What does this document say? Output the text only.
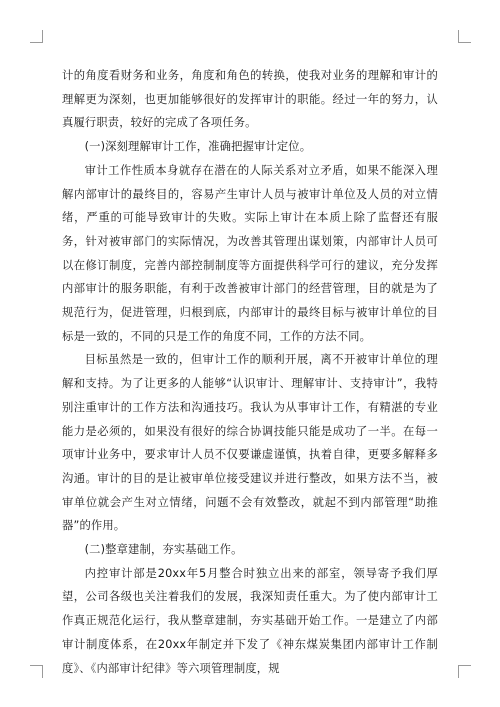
计的角度看财务和业务，角度和角色的转换，使我对业务的理解和审计的理解更为深刻，也更加能够很好的发挥审计的职能。经过一年的努力，认真履行职责，较好的完成了各项任务。

(一)深刻理解审计工作，准确把握审计定位。

审计工作性质本身就存在潜在的人际关系对立矛盾，如果不能深入理解内部审计的最终目的，容易产生审计人员与被审计单位及人员的对立情绪，严重的可能导致审计的失败。实际上审计在本质上除了监督还有服务，针对被审部门的实际情况，为改善其管理出谋划策，内部审计人员可以在修订制度，完善内部控制制度等方面提供科学可行的建议，充分发挥内部审计的服务职能，有利于改善被审计部门的经营管理，目的就是为了规范行为，促进管理，归根到底，内部审计的最终目标与被审计单位的目标是一致的，不同的只是工作的角度不同，工作的方法不同。

目标虽然是一致的，但审计工作的顺利开展，离不开被审计单位的理解和支持。为了让更多的人能够“认识审计、理解审计、支持审计”，我特别注重审计的工作方法和沟通技巧。我认为从事审计工作，有精湛的专业能力是必须的，如果没有很好的综合协调技能只能是成功了一半。在每一项审计业务中，要求审计人员不仅要谦虚谨慎，执着自律，更要多解释多沟通。审计的目的是让被审单位接受建议并进行整改，如果方法不当，被审单位就会产生对立情绪，问题不会有效整改，就起不到内部管理“助推器”的作用。

(二)整章建制，夯实基础工作。

内控审计部是20xx年5月整合时独立出来的部室，领导寄予我们厚望，公司各级也关注着我们的发展，我深知责任重大。为了使内部审计工作真正规范化运行，我从整章建制，夯实基础开始工作。一是建立了内部审计制度体系，在20xx年制定并下发了《神东煤炭集团内部审计工作制度》、《内部审计纪律》等六项管理制度，规
